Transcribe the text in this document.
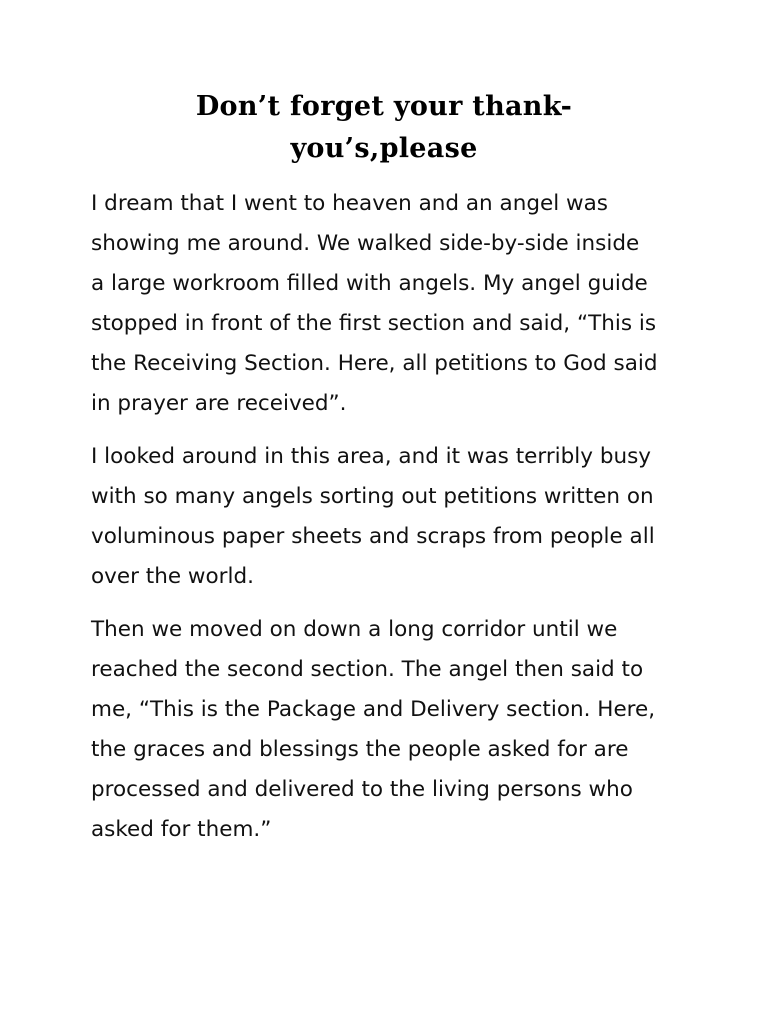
Don’t forget your thank-
you’s,please

I dream that I went to heaven and an angel was
showing me around. We walked side-by-side inside
a large workroom filled with angels. My angel guide
stopped in front of the first section and said, “This is
the Receiving Section. Here, all petitions to God said
in prayer are received”.

I looked around in this area, and it was terribly busy
with so many angels sorting out petitions written on
voluminous paper sheets and scraps from people all
over the world.

Then we moved on down a long corridor until we
reached the second section. The angel then said to
me, “This is the Package and Delivery section. Here,
the graces and blessings the people asked for are
processed and delivered to the living persons who
asked for them.”
